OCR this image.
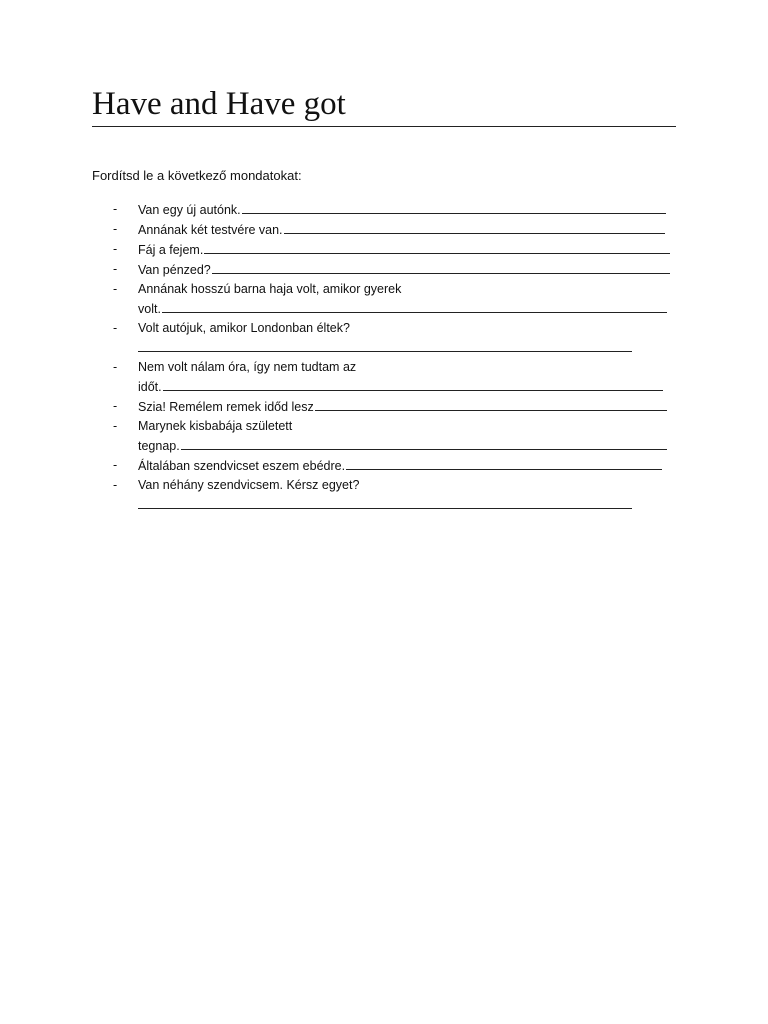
Have and Have got

Fordítsd le a következő mondatokat:

-	Van egy új autónk.
-	Annának két testvére van.
-	Fáj a fejem.
-	Van pénzed?
-	Annának hosszú barna haja volt, amikor gyerek
volt.
-	Volt autójuk, amikor Londonban éltek?
-	Nem volt nálam óra, így nem tudtam az
időt.
-	Szia! Remélem remek időd lesz
-	Marynek kisbabája született
tegnap.
-	Általában szendvicset eszem ebédre.
-	Van néhány szendvicsem. Kérsz egyet?
